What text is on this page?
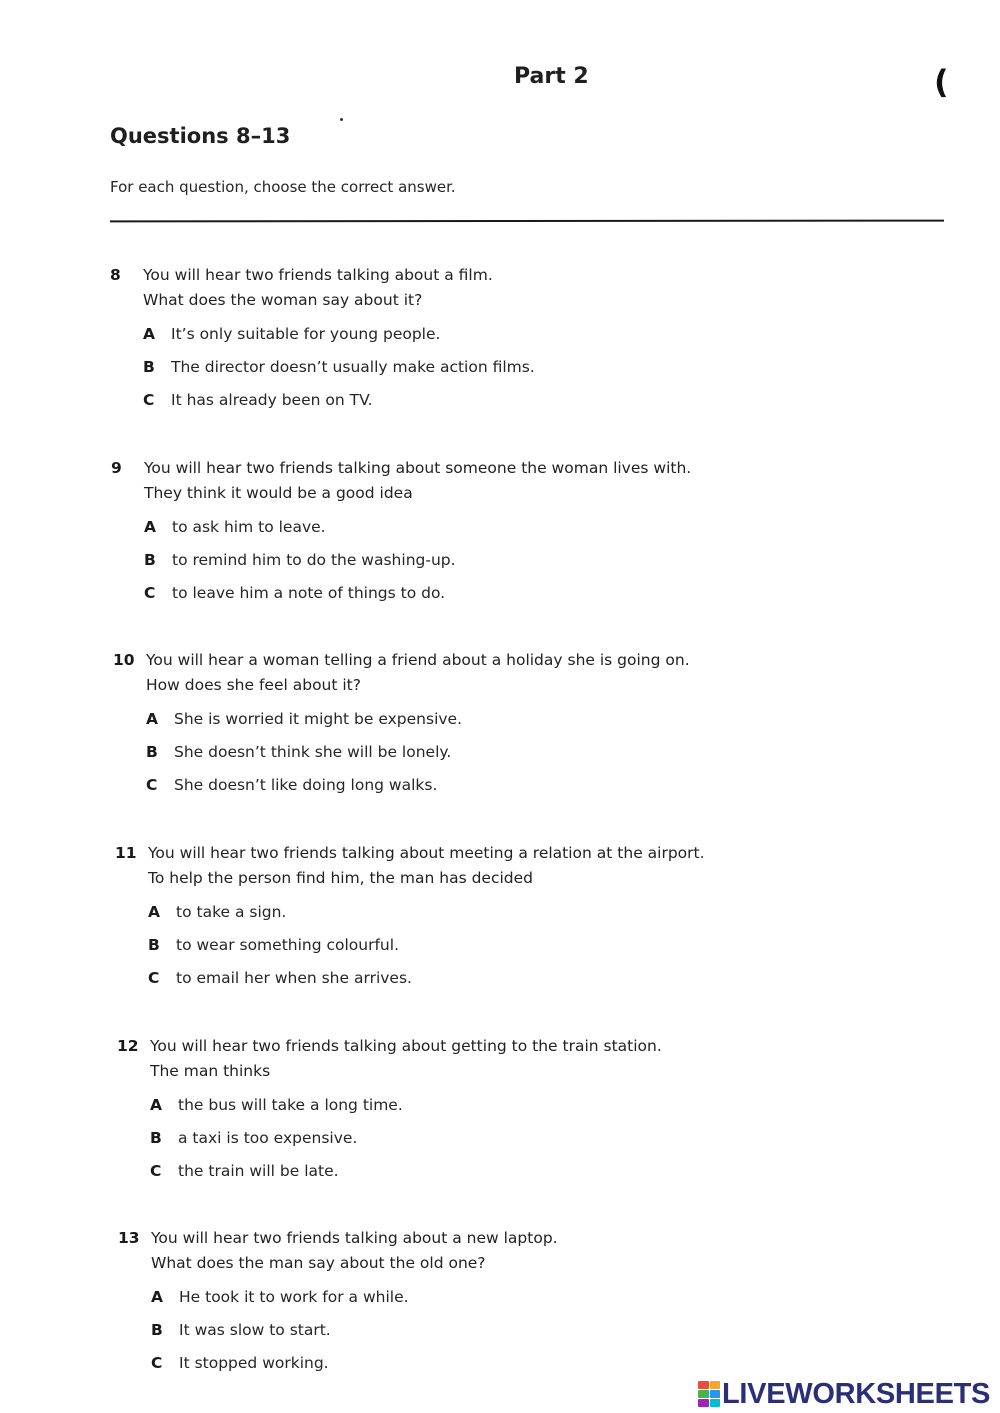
Part 2	(
Questions 8–13
For each question, choose the correct answer.
8 You will hear two friends talking about a film.
What does the woman say about it?
A It’s only suitable for young people.
B The director doesn’t usually make action films.
C It has already been on TV.
9 You will hear two friends talking about someone the woman lives with.
They think it would be a good idea
A to ask him to leave.
B to remind him to do the washing-up.
C to leave him a note of things to do.
10 You will hear a woman telling a friend about a holiday she is going on.
How does she feel about it?
A She is worried it might be expensive.
B She doesn’t think she will be lonely.
C She doesn’t like doing long walks.
11 You will hear two friends talking about meeting a relation at the airport.
To help the person find him, the man has decided
A to take a sign.
B to wear something colourful.
C to email her when she arrives.
12 You will hear two friends talking about getting to the train station.
The man thinks
A the bus will take a long time.
B a taxi is too expensive.
C the train will be late.
13 You will hear two friends talking about a new laptop.
What does the man say about the old one?
A He took it to work for a while.
B It was slow to start.
C It stopped working.
LIVEWORKSHEETS
